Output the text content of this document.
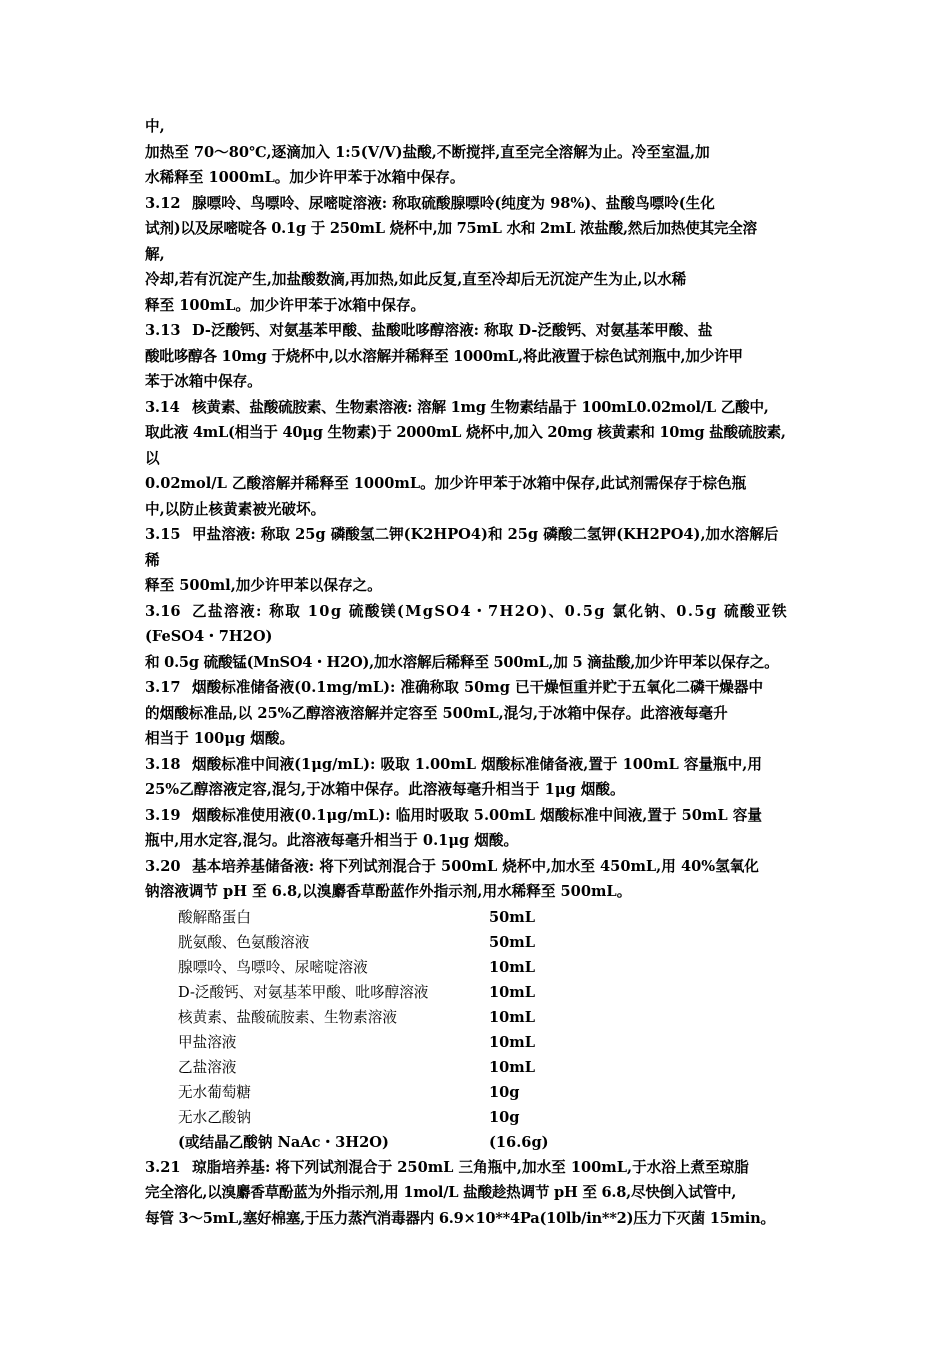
中,
加热至 70～80℃,逐滴加入 1:5(V/V)盐酸,不断搅拌,直至完全溶解为止。冷至室温,加
水稀释至 1000mL。加少许甲苯于冰箱中保存。
3.12 腺嘌呤、鸟嘌呤、尿嘧啶溶液: 称取硫酸腺嘌呤(纯度为 98%)、盐酸鸟嘌呤(生化
试剂)以及尿嘧啶各 0.1g 于 250mL 烧杯中,加 75mL 水和 2mL 浓盐酸,然后加热使其完全溶
解,
冷却,若有沉淀产生,加盐酸数滴,再加热,如此反复,直至冷却后无沉淀产生为止,以水稀
释至 100mL。加少许甲苯于冰箱中保存。
3.13 D-泛酸钙、对氨基苯甲酸、盐酸吡哆醇溶液: 称取 D-泛酸钙、对氨基苯甲酸、盐
酸吡哆醇各 10mg 于烧杯中,以水溶解并稀释至 1000mL,将此液置于棕色试剂瓶中,加少许甲
苯于冰箱中保存。
3.14 核黄素、盐酸硫胺素、生物素溶液: 溶解 1mg 生物素结晶于 100mL0.02mol/L 乙酸中,
取此液 4mL(相当于 40μg 生物素)于 2000mL 烧杯中,加入 20mg 核黄素和 10mg 盐酸硫胺素,
以
0.02mol/L 乙酸溶解并稀释至 1000mL。加少许甲苯于冰箱中保存,此试剂需保存于棕色瓶
中,以防止核黄素被光破坏。
3.15 甲盐溶液: 称取 25g 磷酸氢二钾(K2HPO4)和 25g 磷酸二氢钾(KH2PO4),加水溶解后
稀
释至 500ml,加少许甲苯以保存之。
3.16 乙盐溶液: 称取 10g 硫酸镁(MgSO4・7H2O)、0.5g 氯化钠、0.5g 硫酸亚铁
(FeSO4・7H2O)
和 0.5g 硫酸锰(MnSO4・H2O),加水溶解后稀释至 500mL,加 5 滴盐酸,加少许甲苯以保存之。
3.17 烟酸标准储备液(0.1mg/mL): 准确称取 50mg 已干燥恒重并贮于五氧化二磷干燥器中
的烟酸标准品,以 25%乙醇溶液溶解并定容至 500mL,混匀,于冰箱中保存。此溶液每毫升
相当于 100μg 烟酸。
3.18 烟酸标准中间液(1μg/mL): 吸取 1.00mL 烟酸标准储备液,置于 100mL 容量瓶中,用
25%乙醇溶液定容,混匀,于冰箱中保存。此溶液每毫升相当于 1μg 烟酸。
3.19 烟酸标准使用液(0.1μg/mL): 临用时吸取 5.00mL 烟酸标准中间液,置于 50mL 容量
瓶中,用水定容,混匀。此溶液每毫升相当于 0.1μg 烟酸。
3.20 基本培养基储备液: 将下列试剂混合于 500mL 烧杯中,加水至 450mL,用 40%氢氧化
钠溶液调节 pH 至 6.8,以溴麝香草酚蓝作外指示剂,用水稀释至 500mL。
酸解酪蛋白	50mL
胱氨酸、色氨酸溶液	50mL
腺嘌呤、鸟嘌呤、尿嘧啶溶液	10mL
D-泛酸钙、对氨基苯甲酸、吡哆醇溶液	10mL
核黄素、盐酸硫胺素、生物素溶液	10mL
甲盐溶液	10mL
乙盐溶液	10mL
无水葡萄糖	10g
无水乙酸钠	10g
(或结晶乙酸钠 NaAc・3H2O)	(16.6g)
3.21 琼脂培养基: 将下列试剂混合于 250mL 三角瓶中,加水至 100mL,于水浴上煮至琼脂
完全溶化,以溴麝香草酚蓝为外指示剂,用 1mol/L 盐酸趁热调节 pH 至 6.8,尽快倒入试管中,
每管 3～5mL,塞好棉塞,于压力蒸汽消毒器内 6.9×10**4Pa(10lb/in**2)压力下灭菌 15min。
